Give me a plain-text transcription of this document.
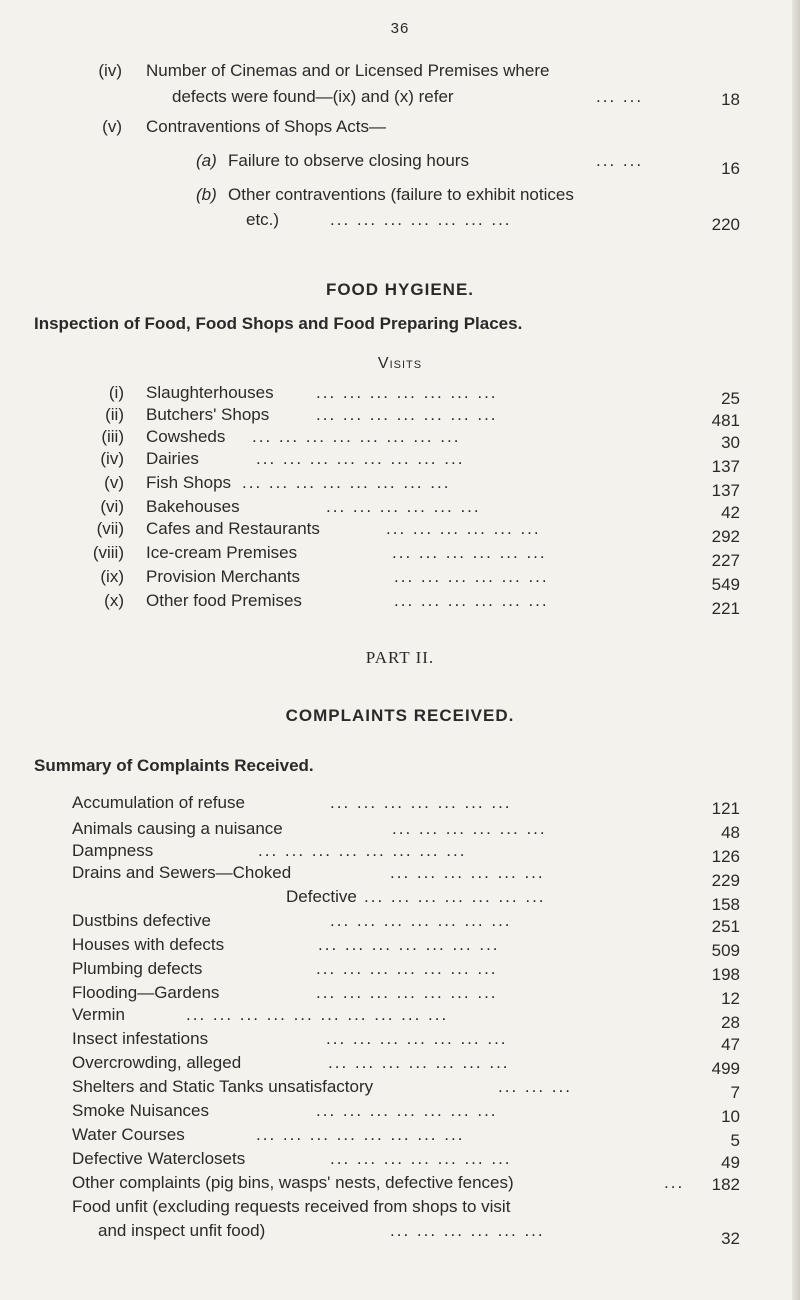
36
(iv) Number of Cinemas and or Licensed Premises where
defects were found—(ix) and (x) refer	... ...	18
(v) Contraventions of Shops Acts—
(a) Failure to observe closing hours	... ...	16
(b) Other contraventions (failure to exhibit notices
etc.)	... ... ... ... ... ... ...	220
FOOD HYGIENE.
Inspection of Food, Food Shops and Food Preparing Places.
Visits
(i) Slaughterhouses ... ... ... ... ... ... ...	25
(ii) Butchers' Shops	... ... ... ... ... ... ...	481
(iii) Cowsheds ... ... ... ... ... ... ... ...	30
(iv) Dairies	... ... ... ... ... ... ... ...	137
(v) Fish Shops ... ... ... ... ... ... ... ...	137
(vi) Bakehouses	... ... ... ... ... ...	42
(vii) Cafes and Restaurants	... ... ... ... ... ...	292
(viii) Ice-cream Premises	... ... ... ... ... ...	227
(ix) Provision Merchants	... ... ... ... ... ...	549
(x) Other food Premises	... ... ... ... ... ...	221
PART II.
COMPLAINTS RECEIVED.
Summary of Complaints Received.
Accumulation of refuse	... ... ... ... ... ... ...	121
Animals causing a nuisance	... ... ... ... ... ...	48
Dampness	... ... ... ... ... ... ... ...	126
Drains and Sewers—Choked	... ... ... ... ... ...	229
Defective ... ... ... ... ... ... ...	158
Dustbins defective	... ... ... ... ... ... ...	251
Houses with defects	... ... ... ... ... ... ...	509
Plumbing defects	... ... ... ... ... ... ...	198
Flooding—Gardens	... ... ... ... ... ... ...	12
Vermin	... ... ... ... ... ... ... ... ... ...	28
Insect infestations	... ... ... ... ... ... ...	47
Overcrowding, alleged	... ... ... ... ... ... ...	499
Shelters and Static Tanks unsatisfactory	... ... ...	7
Smoke Nuisances	... ... ... ... ... ... ...	10
Water Courses	... ... ... ... ... ... ... ...	5
Defective Waterclosets	... ... ... ... ... ... ...	49
Other complaints (pig bins, wasps' nests, defective fences)	...	182
Food unfit (excluding requests received from shops to visit
and inspect unfit food)	... ... ... ... ... ...	32
